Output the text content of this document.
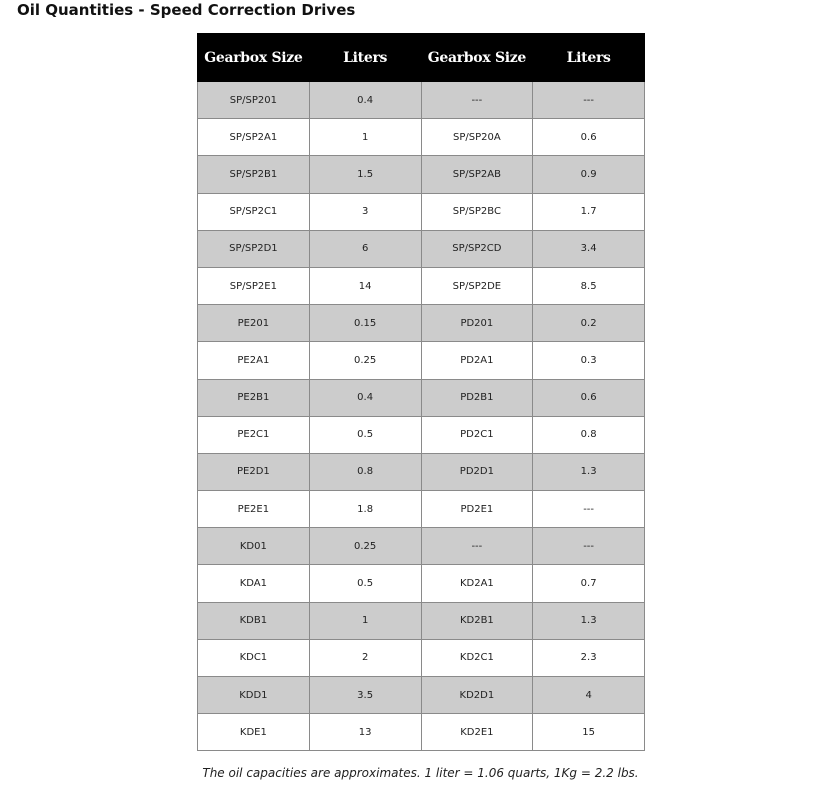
Oil Quantities - Speed Correction Drives
Gearbox Size	Liters	Gearbox Size	Liters
SP/SP201	0.4	---	---
SP/SP2A1	1	SP/SP20A	0.6
SP/SP2B1	1.5	SP/SP2AB	0.9
SP/SP2C1	3	SP/SP2BC	1.7
SP/SP2D1	6	SP/SP2CD	3.4
SP/SP2E1	14	SP/SP2DE	8.5
PE201	0.15	PD201	0.2
PE2A1	0.25	PD2A1	0.3
PE2B1	0.4	PD2B1	0.6
PE2C1	0.5	PD2C1	0.8
PE2D1	0.8	PD2D1	1.3
PE2E1	1.8	PD2E1	---
KD01	0.25	---	---
KDA1	0.5	KD2A1	0.7
KDB1	1	KD2B1	1.3
KDC1	2	KD2C1	2.3
KDD1	3.5	KD2D1	4
KDE1	13	KD2E1	15

The oil capacities are approximates. 1 liter = 1.06 quarts, 1Kg = 2.2 lbs.
